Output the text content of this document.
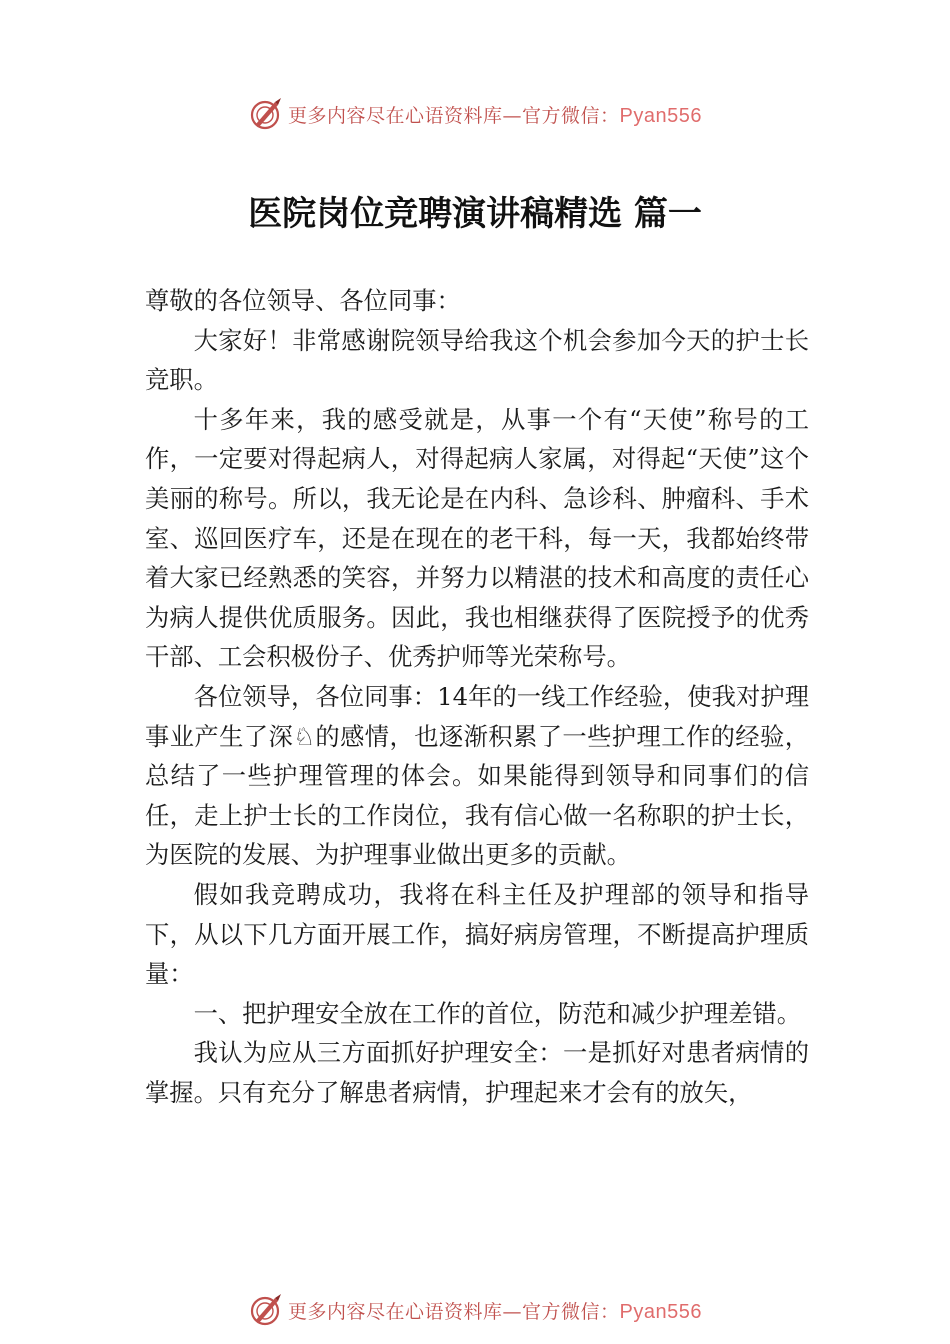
更多内容尽在心语资料库—官方微信：Pyan556
医院岗位竞聘演讲稿精选 篇一

尊敬的各位领导、各位同事：

大家好！非常感谢院领导给我这个机会参加今天的护士长竞职。

十多年来，我的感受就是，从事一个有“天使”称号的工作，一定要对得起病人，对得起病人家属，对得起“天使”这个美丽的称号。所以，我无论是在内科、急诊科、肿瘤科、手术室、巡回医疗车，还是在现在的老干科，每一天，我都始终带着大家已经熟悉的笑容，并努力以精湛的技术和高度的责任心为病人提供优质服务。因此，我也相继获得了医院授予的优秀干部、工会积极份子、优秀护师等光荣称号。

各位领导，各位同事：14年的一线工作经验，使我对护理事业产生了深♘的感情，也逐渐积累了一些护理工作的经验，总结了一些护理管理的体会。如果能得到领导和同事们的信任，走上护士长的工作岗位，我有信心做一名称职的护士长，为医院的发展、为护理事业做出更多的贡献。

假如我竞聘成功，我将在科主任及护理部的领导和指导下，从以下几方面开展工作，搞好病房管理，不断提高护理质量：

一、把护理安全放在工作的首位，防范和减少护理差错。

我认为应从三方面抓好护理安全：一是抓好对患者病情的掌握。只有充分了解患者病情，护理起来才会有的放矢，

更多内容尽在心语资料库—官方微信：Pyan556
